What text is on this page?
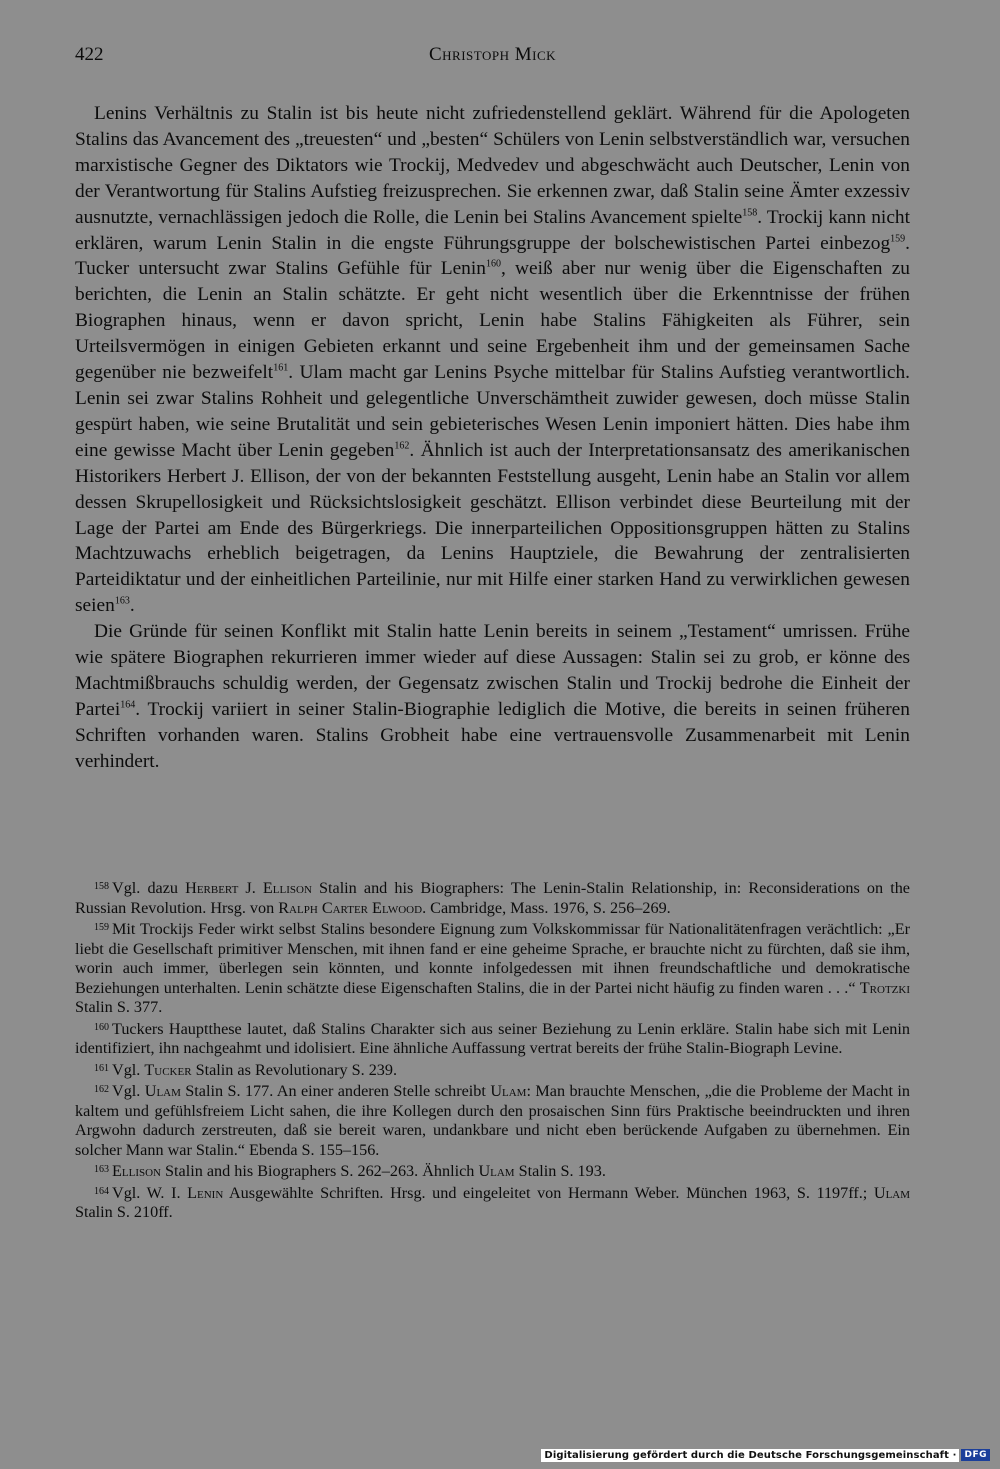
422	Christoph Mick

Lenins Verhältnis zu Stalin ist bis heute nicht zufriedenstellend geklärt. Während für die Apologeten Stalins das Avancement des „treuesten“ und „besten“ Schülers von Lenin selbstverständlich war, versuchen marxistische Gegner des Diktators wie Trockij, Medvedev und abgeschwächt auch Deutscher, Lenin von der Verantwortung für Stalins Aufstieg freizusprechen. Sie erkennen zwar, daß Stalin seine Ämter exzessiv ausnutzte, vernachlässigen jedoch die Rolle, die Lenin bei Stalins Avancement spielte$^{158}$. Trockij kann nicht erklären, warum Lenin Stalin in die engste Führungsgruppe der bolschewistischen Partei einbezog$^{159}$. Tucker untersucht zwar Stalins Gefühle für Lenin$^{160}$, weiß aber nur wenig über die Eigenschaften zu berichten, die Lenin an Stalin schätzte. Er geht nicht wesentlich über die Erkenntnisse der frühen Biographen hinaus, wenn er davon spricht, Lenin habe Stalins Fähigkeiten als Führer, sein Urteilsvermögen in einigen Gebieten erkannt und seine Ergebenheit ihm und der gemeinsamen Sache gegenüber nie bezweifelt$^{161}$. Ulam macht gar Lenins Psyche mittelbar für Stalins Aufstieg verantwortlich. Lenin sei zwar Stalins Rohheit und gelegentliche Unverschämtheit zuwider gewesen, doch müsse Stalin gespürt haben, wie seine Brutalität und sein gebieterisches Wesen Lenin imponiert hätten. Dies habe ihm eine gewisse Macht über Lenin gegeben$^{162}$. Ähnlich ist auch der Interpretationsansatz des amerikanischen Historikers Herbert J. Ellison, der von der bekannten Feststellung ausgeht, Lenin habe an Stalin vor allem dessen Skrupellosigkeit und Rücksichtslosigkeit geschätzt. Ellison verbindet diese Beurteilung mit der Lage der Partei am Ende des Bürgerkriegs. Die innerparteilichen Oppositionsgruppen hätten zu Stalins Machtzuwachs erheblich beigetragen, da Lenins Hauptziele, die Bewahrung der zentralisierten Parteidiktatur und der einheitlichen Parteilinie, nur mit Hilfe einer starken Hand zu verwirklichen gewesen seien$^{163}$.

Die Gründe für seinen Konflikt mit Stalin hatte Lenin bereits in seinem „Testament“ umrissen. Frühe wie spätere Biographen rekurrieren immer wieder auf diese Aussagen: Stalin sei zu grob, er könne des Machtmißbrauchs schuldig werden, der Gegensatz zwischen Stalin und Trockij bedrohe die Einheit der Partei$^{164}$. Trockij variiert in seiner Stalin-Biographie lediglich die Motive, die bereits in seinen früheren Schriften vorhanden waren. Stalins Grobheit habe eine vertrauensvolle Zusammenarbeit mit Lenin verhindert.

$^{158}$ Vgl. dazu Herbert J. Ellison Stalin and his Biographers: The Lenin-Stalin Relationship, in: Reconsiderations on the Russian Revolution. Hrsg. von Ralph Carter Elwood. Cambridge, Mass. 1976, S. 256–269.

$^{159}$ Mit Trockijs Feder wirkt selbst Stalins besondere Eignung zum Volkskommissar für Nationalitätenfragen verächtlich: „Er liebt die Gesellschaft primitiver Menschen, mit ihnen fand er eine geheime Sprache, er brauchte nicht zu fürchten, daß sie ihm, worin auch immer, überlegen sein könnten, und konnte infolgedessen mit ihnen freundschaftliche und demokratische Beziehungen unterhalten. Lenin schätzte diese Eigenschaften Stalins, die in der Partei nicht häufig zu finden waren . . .“ Trotzki Stalin S. 377.

$^{160}$ Tuckers Hauptthese lautet, daß Stalins Charakter sich aus seiner Beziehung zu Lenin erkläre. Stalin habe sich mit Lenin identifiziert, ihn nachgeahmt und idolisiert. Eine ähnliche Auffassung vertrat bereits der frühe Stalin-Biograph Levine.

$^{161}$ Vgl. Tucker Stalin as Revolutionary S. 239.

$^{162}$ Vgl. Ulam Stalin S. 177. An einer anderen Stelle schreibt Ulam: Man brauchte Menschen, „die die Probleme der Macht in kaltem und gefühlsfreiem Licht sahen, die ihre Kollegen durch den prosaischen Sinn fürs Praktische beeindruckten und ihren Argwohn dadurch zerstreuten, daß sie bereit waren, undankbare und nicht eben berückende Aufgaben zu übernehmen. Ein solcher Mann war Stalin.“ Ebenda S. 155–156.

$^{163}$ Ellison Stalin and his Biographers S. 262–263. Ähnlich Ulam Stalin S. 193.

$^{164}$ Vgl. W. I. Lenin Ausgewählte Schriften. Hrsg. und eingeleitet von Hermann Weber. München 1963, S. 1197ff.; Ulam Stalin S. 210ff.

Digitalisierung gefördert durch die Deutsche Forschungsgemeinschaft · DFG
